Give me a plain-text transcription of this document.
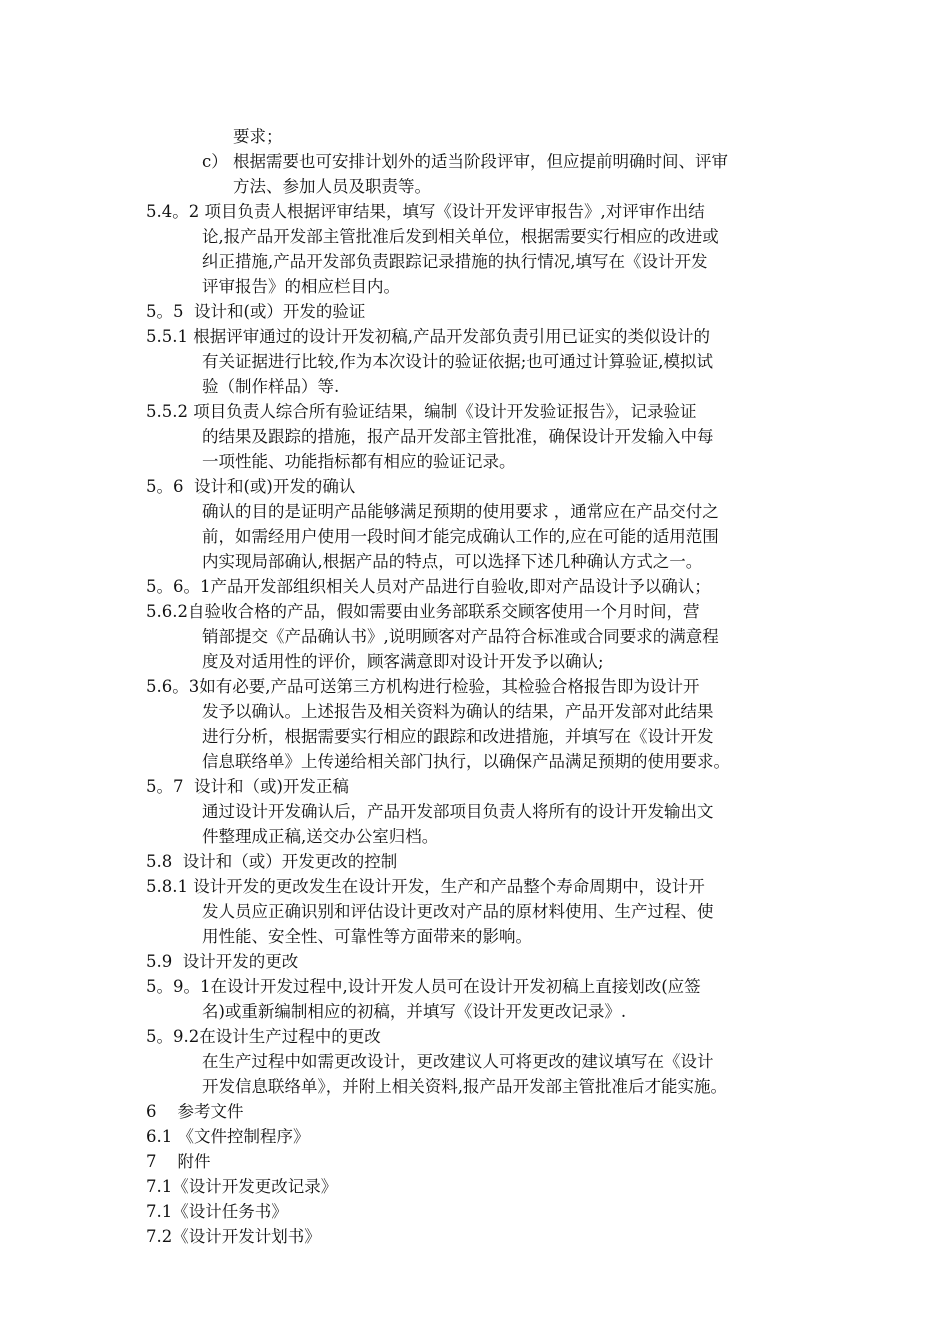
要求；
c） 根据需要也可安排计划外的适当阶段评审，但应提前明确时间、评审
方法、参加人员及职责等。
5.4。2 项目负责人根据评审结果，填写《设计开发评审报告》,对评审作出结
论,报产品开发部主管批准后发到相关单位，根据需要实行相应的改进或
纠正措施,产品开发部负责跟踪记录措施的执行情况,填写在《设计开发
评审报告》的相应栏目内。
5。5  设计和(或）开发的验证
5.5.1 根据评审通过的设计开发初稿,产品开发部负责引用已证实的类似设计的
有关证据进行比较,作为本次设计的验证依据;也可通过计算验证,模拟试
验（制作样品）等.
5.5.2 项目负责人综合所有验证结果，编制《设计开发验证报告》，记录验证
的结果及跟踪的措施，报产品开发部主管批准，确保设计开发输入中每
一项性能、功能指标都有相应的验证记录。
5。6  设计和(或)开发的确认
确认的目的是证明产品能够满足预期的使用要求 ，通常应在产品交付之
前，如需经用户使用一段时间才能完成确认工作的,应在可能的适用范围
内实现局部确认,根据产品的特点，可以选择下述几种确认方式之一。
5。6。1产品开发部组织相关人员对产品进行自验收,即对产品设计予以确认；
5.6.2自验收合格的产品，假如需要由业务部联系交顾客使用一个月时间，营
销部提交《产品确认书》,说明顾客对产品符合标准或合同要求的满意程
度及对适用性的评价，顾客满意即对设计开发予以确认;
5.6。3如有必要,产品可送第三方机构进行检验，其检验合格报告即为设计开
发予以确认。上述报告及相关资料为确认的结果，产品开发部对此结果
进行分析，根据需要实行相应的跟踪和改进措施，并填写在《设计开发
信息联络单》上传递给相关部门执行，以确保产品满足预期的使用要求。
5。7  设计和（或)开发正稿
通过设计开发确认后，产品开发部项目负责人将所有的设计开发输出文
件整理成正稿,送交办公室归档。
5.8  设计和（或）开发更改的控制
5.8.1 设计开发的更改发生在设计开发，生产和产品整个寿命周期中，设计开
发人员应正确识别和评估设计更改对产品的原材料使用、生产过程、使
用性能、安全性、可靠性等方面带来的影响。
5.9  设计开发的更改
5。9。1在设计开发过程中,设计开发人员可在设计开发初稿上直接划改(应签
名)或重新编制相应的初稿，并填写《设计开发更改记录》.
5。9.2在设计生产过程中的更改
在生产过程中如需更改设计，更改建议人可将更改的建议填写在《设计
开发信息联络单》，并附上相关资料,报产品开发部主管批准后才能实施。
6    参考文件
6.1 《文件控制程序》
7    附件
7.1《设计开发更改记录》
7.1《设计任务书》
7.2《设计开发计划书》
